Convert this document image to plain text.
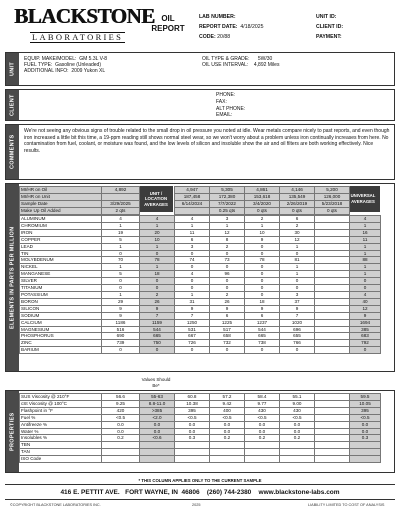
BLACKSTONE
LABORATORIES
OIL
REPORT
LAB NUMBER:
REPORT DATE: 4/18/2025
CODE: 20/88
UNIT ID:
CLIENT ID:
PAYMENT:
UNIT
EQUIP. MAKE/MODEL: GM 5.3L V-8
FUEL TYPE: Gasoline (Unleaded)
ADDITIONAL INFO: 2009 Yukon XL
OIL TYPE & GRADE: 5W/30
OIL USE INTERVAL: 4,892 Miles
CLIENT	PHONE:
FAX:
ALT PHONE:
EMAIL:
COMMENTS
We're not seeing any obvious signs of trouble related to the small drop in oil pressure you noted at idle. Wear metals compare nicely to past reports, and even though iron increased a little bit this time, a 19-ppm reading still shows normal steel wear, so we won't worry about a problem unless iron continually increases from here. No contamination from fuel, coolant, or moisture was found, and the low levels of silicon and insoluble show the air and oil filters are both working effectively. Nice results.
ELEMENTS IN PARTS PER MILLION
UNIT / LOCATION AVERAGES
UNIVERSAL AVERAGES
MI/HR on Oil	4,892		4,947	5,305	4,861	4,146	5,200	
MI/HR on Unit			187,458	172,380	153,618	135,549	126,000	
Sample Date	3/29/2025		6/14/2024	7/7/2022	3/4/2020	2/26/2019	5/23/2018	
Make Up Oil Added	2 qts			0.25 qts	0 qts	0 qts	0 qts	
ALUMINUM	4	4	4	3	2	6		4
CHROMIUM	1	1	1	1	1	2		1
IRON	19	20	11	12	10	30		16
COPPER	5	10	6	8	9	12		11
LEAD	1	1	3	2	0	1		1
TIN	0	0	0	0	0	0		1
MOLYBDENUM	70	78	74	73	78	81		88
NICKEL	1	1	0	0	0	1		1
MANGANESE	5	18	4	96	0	1		1
SILVER	0	0	0	0	0	0		0
TITANIUM	0	0	0	0	0	0		0
POTASSIUM	1	2	1	2	0	3		4
BORON	29	26	31	26	18	37		40
SILICON	9	9	9	9	9	9		12
SODIUM	9	7	7	6	6	7		9
CALCIUM	1186	1159	1250	1225	1237	1020		1694
MAGNESIUM	516	544	531	517	544	696		385
PHOSPHORUS	690	665	667	658	665	655		683
ZINC	739	750	726	732	738	766		792
BARIUM	0	0	0	0	0	0		0
Values Should Be*
PROPERTIES
SUS Viscosity @ 210°F	56.6	55-63	60.8	57.2	58.4	55.1		59.5
cSt Viscosity @ 100°C	9.25	8.8-11.0	10.38	9.42	9.77	9.00		10.05
Flashpoint in °F	420	>385	395	400	430	430		395
Fuel %	<0.5	<2.0	<0.5	<0.5	<0.5	<0.5		<0.5
Antifreeze %	0.0	0.0	0.0	0.0	0.0	0.0		0.0
Water %	0.0	0.0	0.0	0.0	0.0	0.0		0.0
Insolubles %	0.2	<0.6	0.3	0.2	0.2	0.2		0.3
TBN								
TAN								
ISO Code								
* THIS COLUMN APPLIES ONLY TO THE CURRENT SAMPLE
416 E. PETTIT AVE.   FORT WAYNE, IN  46806    (260) 744-2380    www.blackstone-labs.com
©COPYRIGHT BLACKSTONE LABORATORIES INC.	2025	LIABILITY LIMITED TO COST OF ANALYSIS
